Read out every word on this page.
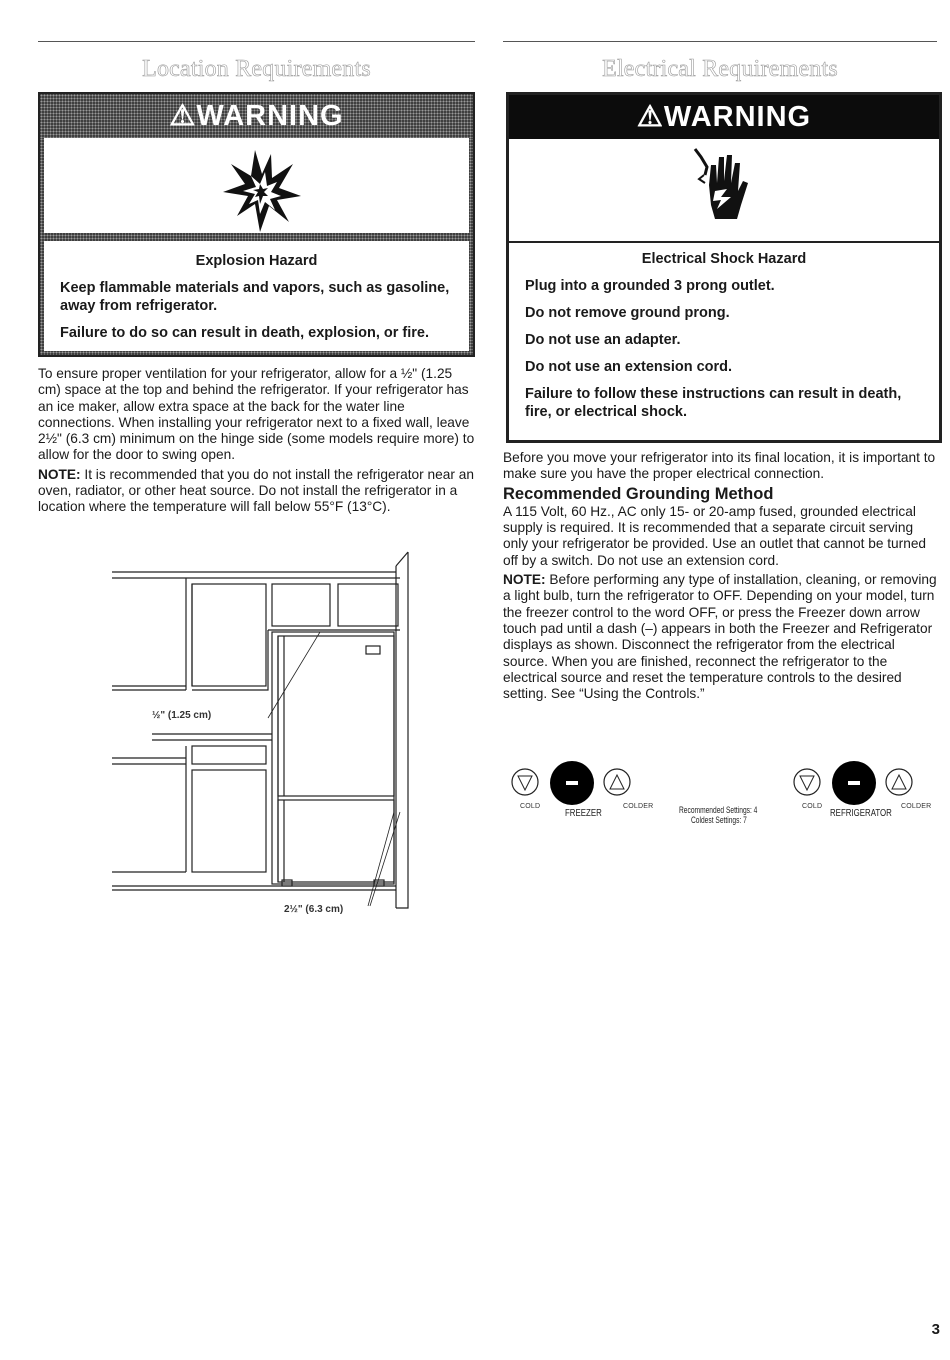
Location Requirements
⚠WARNING

Explosion Hazard

Keep flammable materials and vapors, such as gasoline, away from refrigerator.

Failure to do so can result in death, explosion, or fire.

To ensure proper ventilation for your refrigerator, allow for a ½" (1.25 cm) space at the top and behind the refrigerator. If your refrigerator has an ice maker, allow extra space at the back for the water line connections. When installing your refrigerator next to a fixed wall, leave 2½" (6.3 cm) minimum on the hinge side (some models require more) to allow for the door to swing open.

NOTE: It is recommended that you do not install the refrigerator near an oven, radiator, or other heat source. Do not install the refrigerator in a location where the temperature will fall below 55°F (13°C).

½" (1.25 cm)
2½" (6.3 cm)
Electrical Requirements
⚠WARNING

Electrical Shock Hazard

Plug into a grounded 3 prong outlet.

Do not remove ground prong.

Do not use an adapter.

Do not use an extension cord.

Failure to follow these instructions can result in death, fire, or electrical shock.

Before you move your refrigerator into its final location, it is important to make sure you have the proper electrical connection.

Recommended Grounding Method

A 115 Volt, 60 Hz., AC only 15- or 20-amp fused, grounded electrical supply is required. It is recommended that a separate circuit serving only your refrigerator be provided. Use an outlet that cannot be turned off by a switch. Do not use an extension cord.

NOTE: Before performing any type of installation, cleaning, or removing a light bulb, turn the refrigerator to OFF. Depending on your model, turn the freezer control to the word OFF, or press the Freezer down arrow touch pad until a dash (–) appears in both the Freezer and Refrigerator displays as shown. Disconnect the refrigerator from the electrical source. When you are finished, reconnect the refrigerator to the electrical source and reset the temperature controls to the desired setting. See “Using the Controls.”

COLD
FREEZER
COLDER	Recommended Settings: 4
Coldest Settings: 7
COLD
REFRIGERATOR
COLDER
3
